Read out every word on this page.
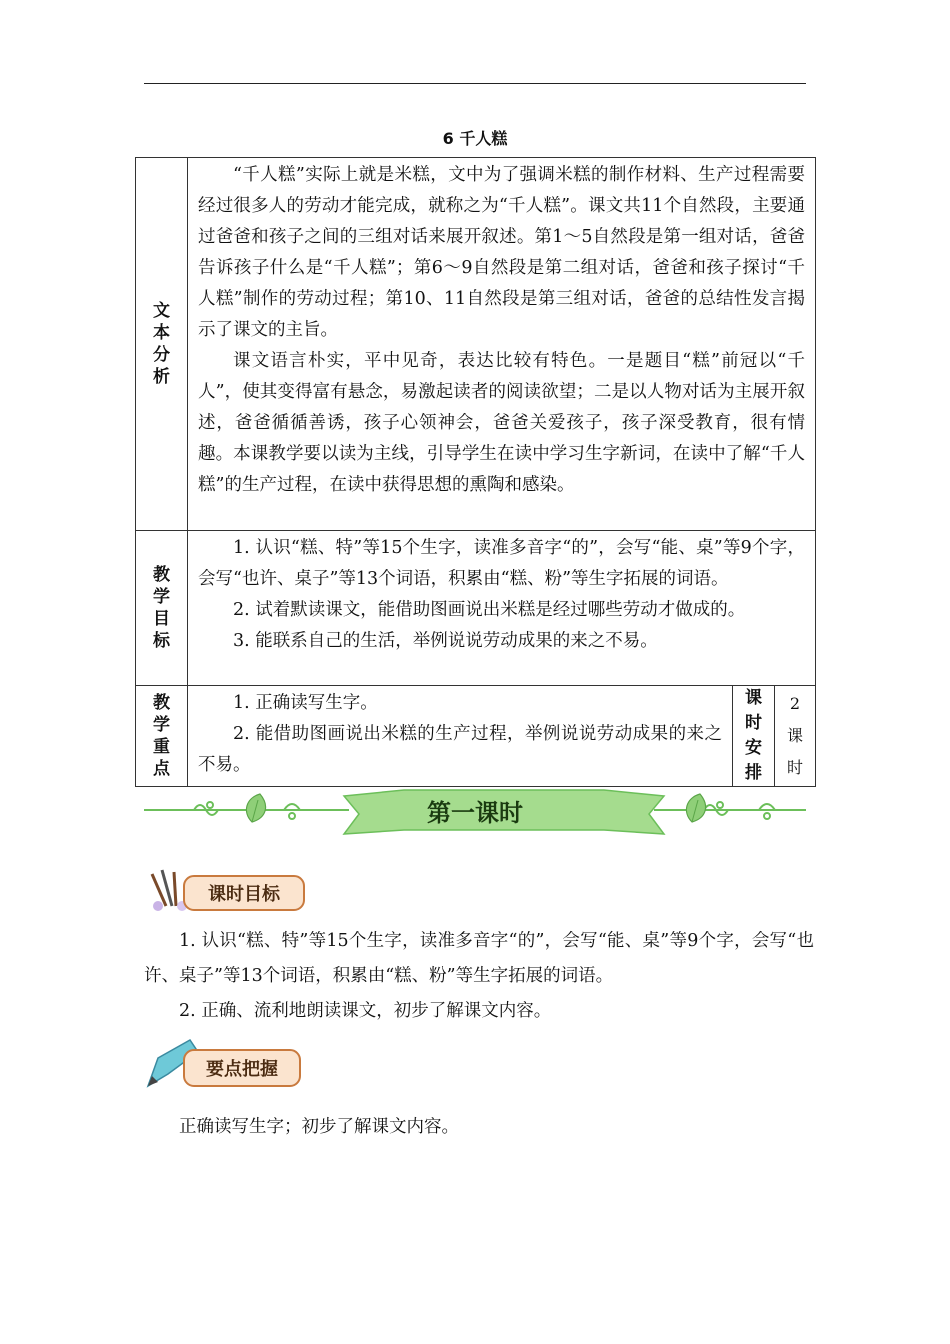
6 千人糕
文本分析	“千人糕”实际上就是米糕，文中为了强调米糕的制作材料、生产过程需要经过很多人的劳动才能完成，就称之为“千人糕”。课文共11个自然段，主要通过爸爸和孩子之间的三组对话来展开叙述。第1～5自然段是第一组对话，爸爸告诉孩子什么是“千人糕”；第6～9自然段是第二组对话，爸爸和孩子探讨“千人糕”制作的劳动过程；第10、11自然段是第三组对话，爸爸的总结性发言揭示了课文的主旨。

课文语言朴实，平中见奇，表达比较有特色。一是题目“糕”前冠以“千人”，使其变得富有悬念，易激起读者的阅读欲望；二是以人物对话为主展开叙述，爸爸循循善诱，孩子心领神会，爸爸关爱孩子，孩子深受教育，很有情趣。本课教学要以读为主线，引导学生在读中学习生字新词，在读中了解“千人糕”的生产过程，在读中获得思想的熏陶和感染。		

教学目标	1. 认识“糕、特”等15个生字，读准多音字“的”，会写“能、桌”等9个字，会写“也许、桌子”等13个词语，积累由“糕、粉”等生字拓展的词语。

2. 试着默读课文，能借助图画说出米糕是经过哪些劳动才做成的。

3. 能联系自己的生活，举例说说劳动成果的来之不易。		

教学重点	1. 正确读写生字。

2. 能借助图画说出米糕的生产过程，举例说说劳动成果的来之不易。	课时安排	2课时
第一课时
课时目标

1. 认识“糕、特”等15个生字，读准多音字“的”，会写“能、桌”等9个字，会写“也许、桌子”等13个词语，积累由“糕、粉”等生字拓展的词语。

2. 正确、流利地朗读课文，初步了解课文内容。

要点把握

正确读写生字；初步了解课文内容。
